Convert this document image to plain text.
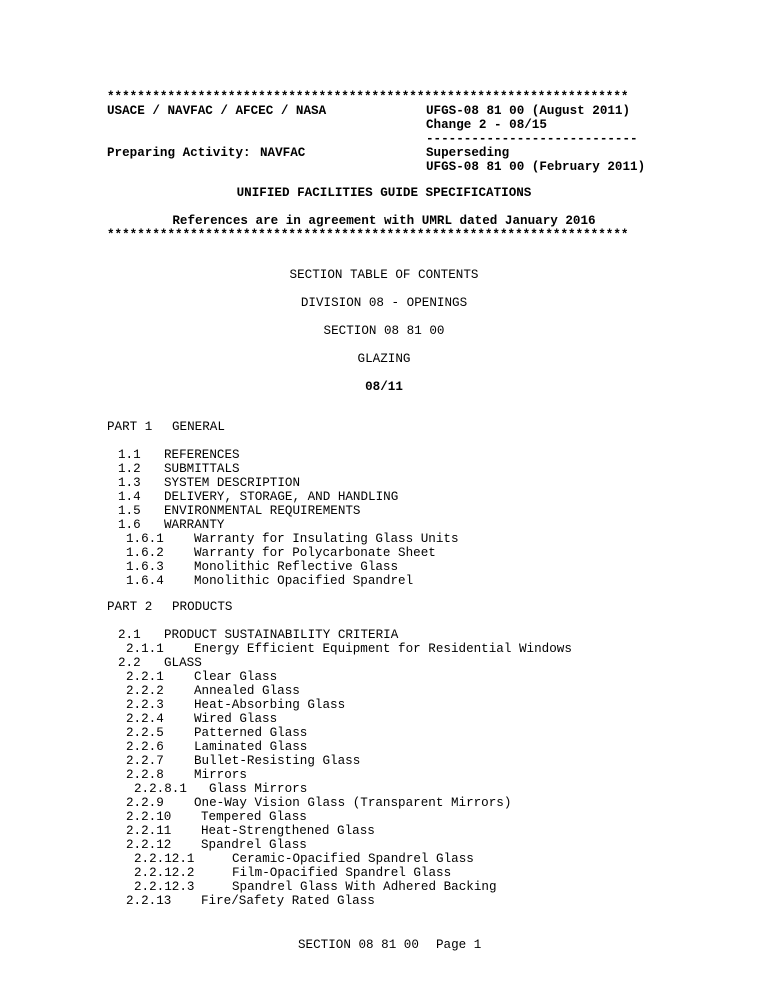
*********************************************************************
USACE / NAVFAC / AFCEC / NASA	UFGS-08 81 00 (August 2011)
Change 2 - 08/15
----------------------------
Preparing Activity: NAVFAC	Superseding
UFGS-08 81 00 (February 2011)
UNIFIED FACILITIES GUIDE SPECIFICATIONS
References are in agreement with UMRL dated January 2016
*********************************************************************
SECTION TABLE OF CONTENTS
DIVISION 08 - OPENINGS
SECTION 08 81 00
GLAZING
08/11
PART 1 GENERAL
1.1 REFERENCES
1.2 SUBMITTALS
1.3 SYSTEM DESCRIPTION
1.4 DELIVERY, STORAGE, AND HANDLING
1.5 ENVIRONMENTAL REQUIREMENTS
1.6 WARRANTY
1.6.1 Warranty for Insulating Glass Units
1.6.2 Warranty for Polycarbonate Sheet
1.6.3 Monolithic Reflective Glass
1.6.4 Monolithic Opacified Spandrel
PART 2 PRODUCTS
2.1 PRODUCT SUSTAINABILITY CRITERIA
2.1.1 Energy Efficient Equipment for Residential Windows
2.2 GLASS
2.2.1 Clear Glass
2.2.2 Annealed Glass
2.2.3 Heat-Absorbing Glass
2.2.4 Wired Glass
2.2.5 Patterned Glass
2.2.6 Laminated Glass
2.2.7 Bullet-Resisting Glass
2.2.8 Mirrors
2.2.8.1 Glass Mirrors
2.2.9 One-Way Vision Glass (Transparent Mirrors)
2.2.10 Tempered Glass
2.2.11 Heat-Strengthened Glass
2.2.12 Spandrel Glass
2.2.12.1	Ceramic-Opacified Spandrel Glass
2.2.12.2	Film-Opacified Spandrel Glass
2.2.12.3	Spandrel Glass With Adhered Backing
2.2.13 Fire/Safety Rated Glass
SECTION 08 81 00 Page 1
